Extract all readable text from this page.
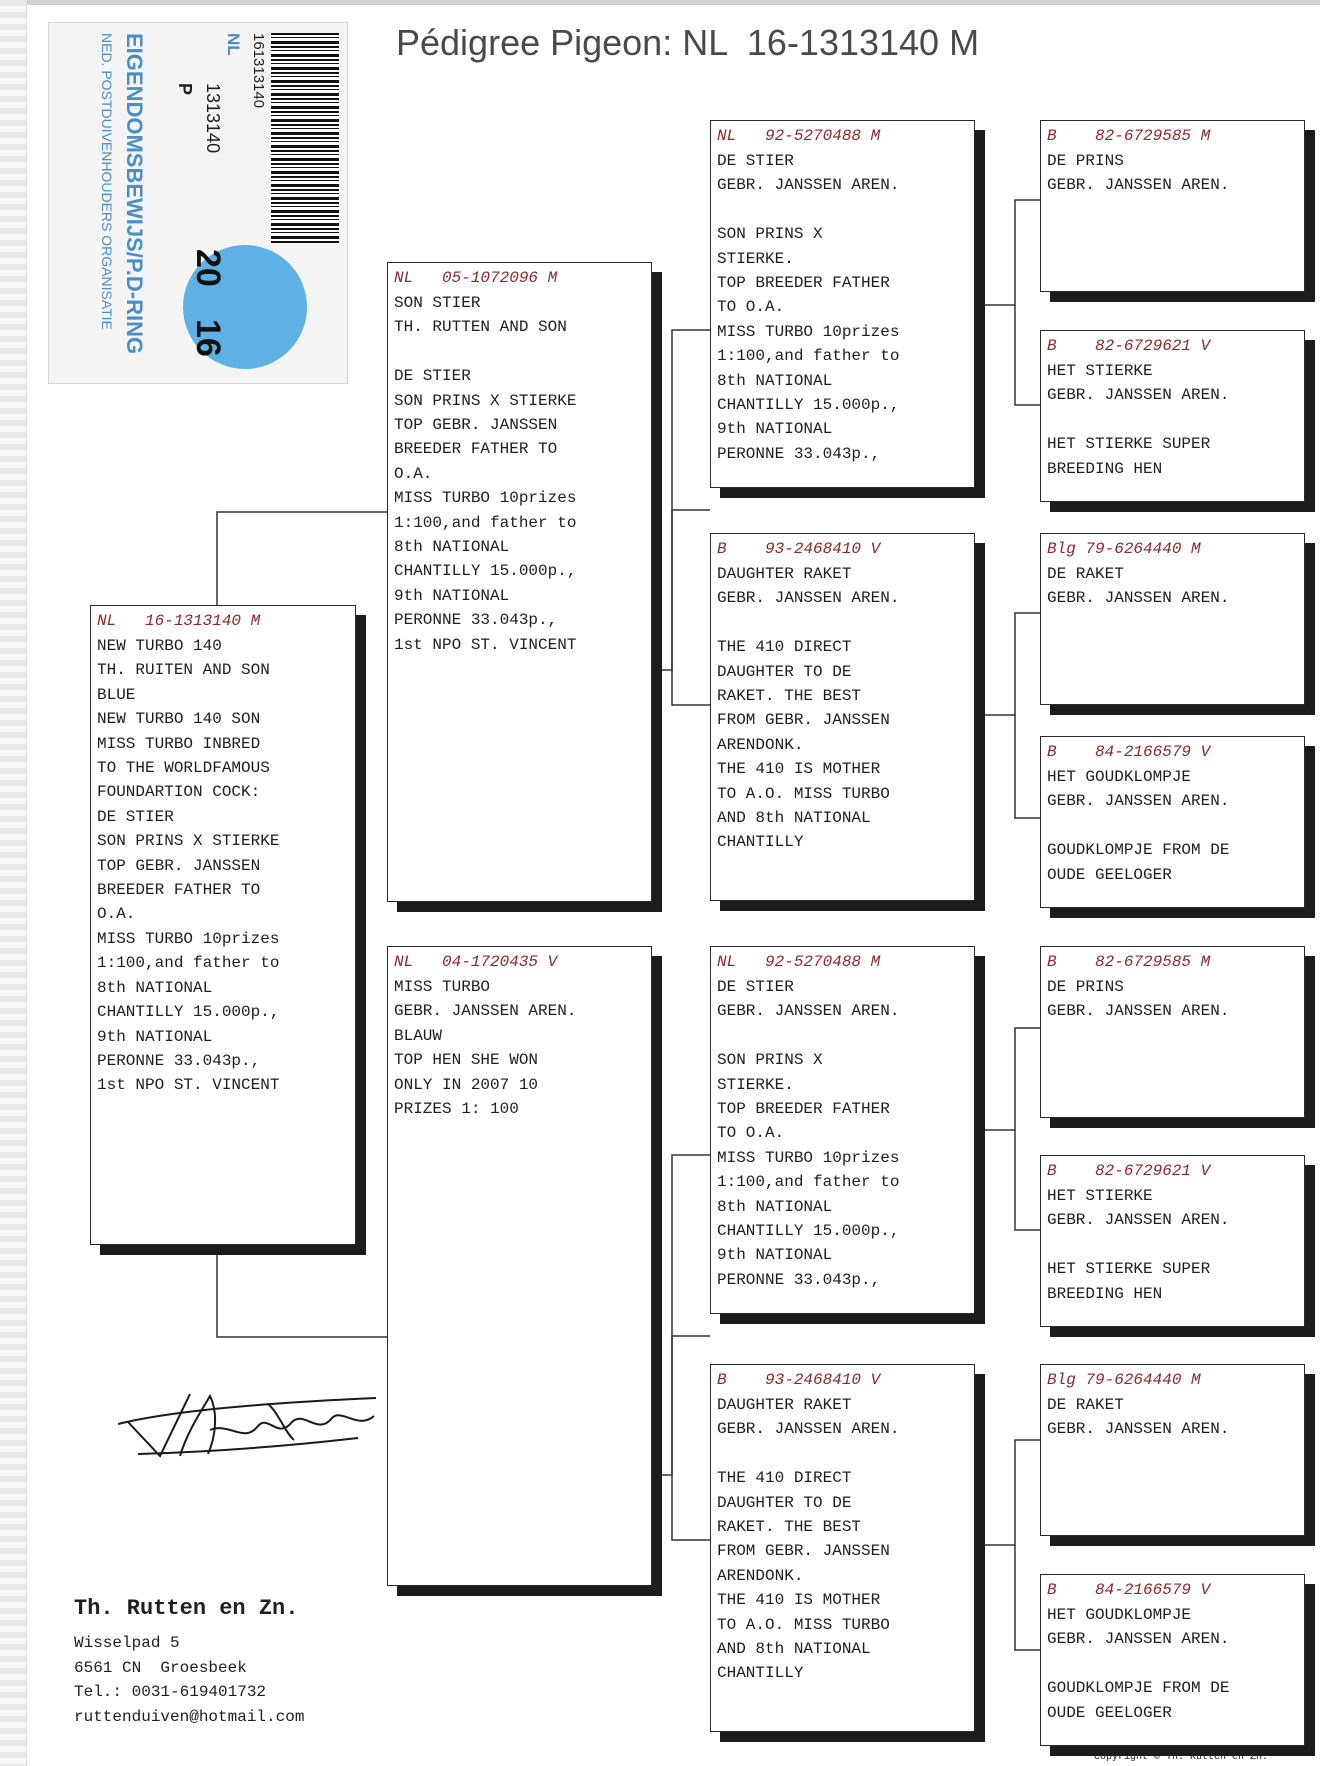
Pédigree Pigeon: NL  16-1313140 M
161313140
NL
1313140
P
EIGENDOMSBEWIJS/P.D-RING
NED. POSTDUIVENHOUDERS ORGANISATIE 20
16
NL   16-1313140 M
NEW TURBO 140
TH. RUITEN AND SON
BLUE
NEW TURBO 140 SON
MISS TURBO INBRED
TO THE WORLDFAMOUS
FOUNDARTION COCK:
DE STIER
SON PRINS X STIERKE
TOP GEBR. JANSSEN
BREEDER FATHER TO
O.A.
MISS TURBO 10prizes
1:100,and father to
8th NATIONAL
CHANTILLY 15.000p.,
9th NATIONAL
PERONNE 33.043p.,
1st NPO ST. VINCENT
NL   05-1072096 M
SON STIER
TH. RUTTEN AND SON
DE STIER
SON PRINS X STIERKE
TOP GEBR. JANSSEN
BREEDER FATHER TO
O.A.
MISS TURBO 10prizes
1:100,and father to
8th NATIONAL
CHANTILLY 15.000p.,
9th NATIONAL
PERONNE 33.043p.,
1st NPO ST. VINCENT
NL   04-1720435 V
MISS TURBO
GEBR. JANSSEN AREN.
BLAUW
TOP HEN SHE WON
ONLY IN 2007 10
PRIZES 1: 100
NL   92-5270488 M
DE STIER
GEBR. JANSSEN AREN.
SON PRINS X
STIERKE.
TOP BREEDER FATHER
TO O.A.
MISS TURBO 10prizes
1:100,and father to
8th NATIONAL
CHANTILLY 15.000p.,
9th NATIONAL
PERONNE 33.043p.,
B    93-2468410 V
DAUGHTER RAKET
GEBR. JANSSEN AREN.
THE 410 DIRECT
DAUGHTER TO DE
RAKET. THE BEST
FROM GEBR. JANSSEN
ARENDONK.
THE 410 IS MOTHER
TO A.O. MISS TURBO
AND 8th NATIONAL
CHANTILLY
NL   92-5270488 M
DE STIER
GEBR. JANSSEN AREN.
SON PRINS X
STIERKE.
TOP BREEDER FATHER
TO O.A.
MISS TURBO 10prizes
1:100,and father to
8th NATIONAL
CHANTILLY 15.000p.,
9th NATIONAL
PERONNE 33.043p.,
B    93-2468410 V
DAUGHTER RAKET
GEBR. JANSSEN AREN.
THE 410 DIRECT
DAUGHTER TO DE
RAKET. THE BEST
FROM GEBR. JANSSEN
ARENDONK.
THE 410 IS MOTHER
TO A.O. MISS TURBO
AND 8th NATIONAL
CHANTILLY
B    82-6729585 M
DE PRINS
GEBR. JANSSEN AREN.
B    82-6729621 V
HET STIERKE
GEBR. JANSSEN AREN.
HET STIERKE SUPER
BREEDING HEN
Blg 79-6264440 M
DE RAKET
GEBR. JANSSEN AREN.
B    84-2166579 V
HET GOUDKLOMPJE
GEBR. JANSSEN AREN.
GOUDKLOMPJE FROM DE
OUDE GEELOGER
B    82-6729585 M
DE PRINS
GEBR. JANSSEN AREN.
B    82-6729621 V
HET STIERKE
GEBR. JANSSEN AREN.
HET STIERKE SUPER
BREEDING HEN
Blg 79-6264440 M
DE RAKET
GEBR. JANSSEN AREN.
B    84-2166579 V
HET GOUDKLOMPJE
GEBR. JANSSEN AREN.
GOUDKLOMPJE FROM DE
OUDE GEELOGER
Th. Rutten en Zn.
Wisselpad 5
6561 CN  Groesbeek
Tel.: 0031-619401732
ruttenduiven@hotmail.com
Copyright © Th. Rutten en Zn.
